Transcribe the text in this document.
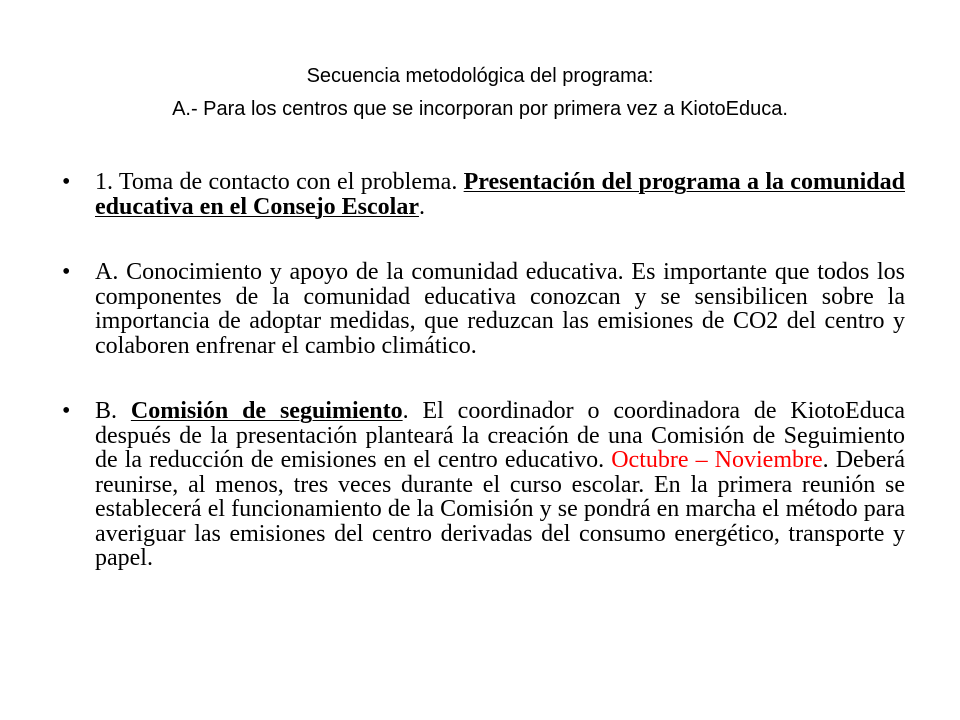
Secuencia metodológica del programa:
A.- Para los centros que se incorporan por primera vez a KiotoEduca.
• 1. Toma de contacto con el problema. Presentación del programa a la comunidad educativa en el Consejo Escolar.
• A. Conocimiento y apoyo de la comunidad educativa. Es importante que todos los componentes de la comunidad educativa conozcan y se sensibilicen sobre la importancia de adoptar medidas, que reduzcan las emisiones de CO2 del centro y colaboren enfrenar el cambio climático.
• B. Comisión de seguimiento. El coordinador o coordinadora de KiotoEduca después de la presentación planteará la creación de una Comisión de Seguimiento de la reducción de emisiones en el centro educativo. Octubre – Noviembre. Deberá reunirse, al menos, tres veces durante el curso escolar. En la primera reunión se establecerá el funcionamiento de la Comisión y se pondrá en marcha el método para averiguar las emisiones del centro derivadas del consumo energético, transporte y papel.
